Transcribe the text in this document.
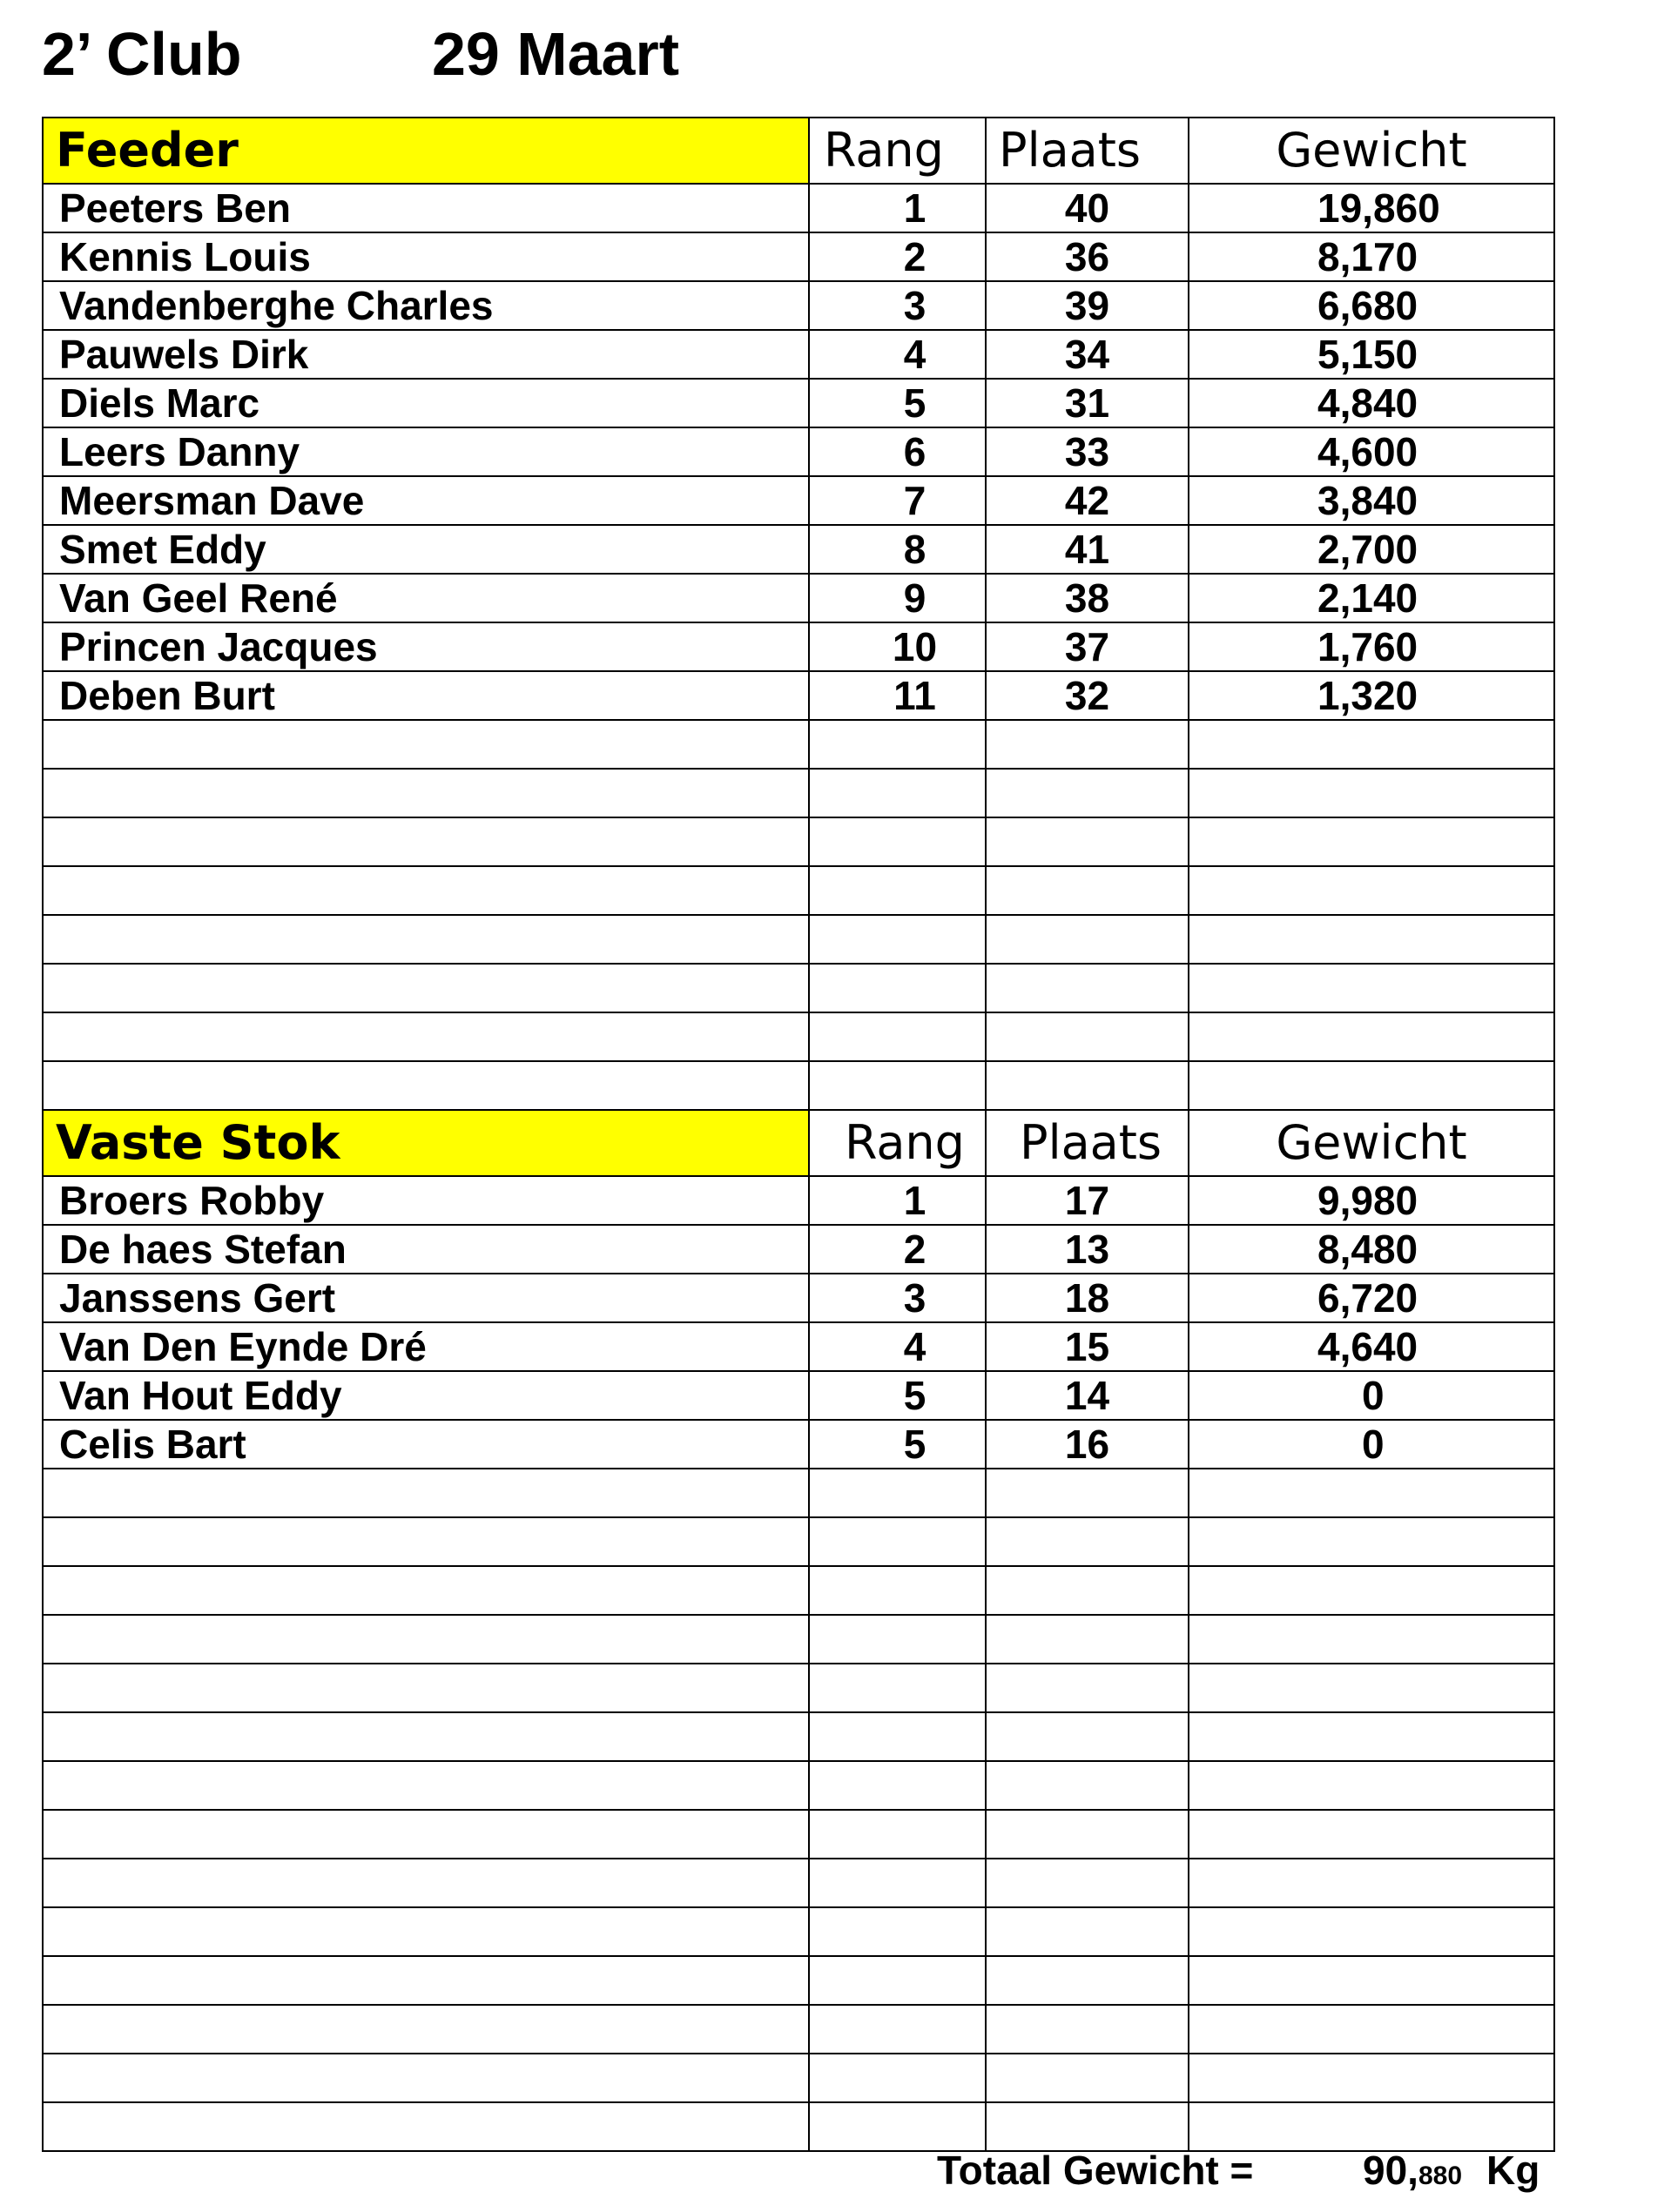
2’ Club	29 Maart
Feeder	Rang	Plaats	Gewicht
Peeters Ben	1	40	19,860
Kennis Louis	2	36	8,170
Vandenberghe Charles	3	39	6,680
Pauwels Dirk	4	34	5,150
Diels Marc	5	31	4,840
Leers Danny	6	33	4,600
Meersman Dave	7	42	3,840
Smet Eddy	8	41	2,700
Van Geel René	9	38	2,140
Princen Jacques	10	37	1,760
Deben Burt	11	32	1,320

Vaste Stok	Rang	Plaats	Gewicht
Broers Robby	1	17	9,980
De haes Stefan	2	13	8,480
Janssens Gert	3	18	6,720
Van Den Eynde Dré	4	15	4,640
Van Hout Eddy	5	14	0
Celis Bart	5	16	0

Totaal Gewicht =	90,880 Kg
